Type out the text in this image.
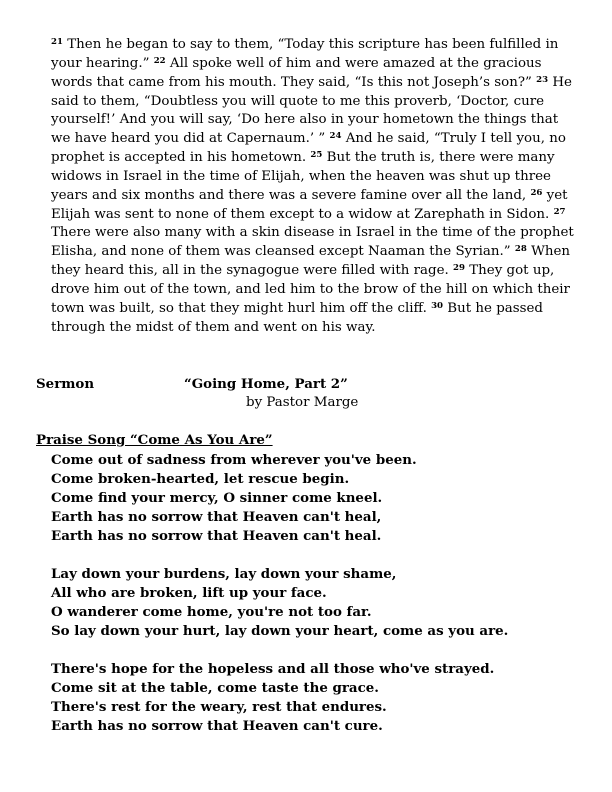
$^{21}$ Then he began to say to them, “Today this scripture has been fulfilled in your hearing.” $^{22}$ All spoke well of him and were amazed at the gracious words that came from his mouth. They said, “Is this not Joseph’s son?” $^{23}$ He said to them, “Doubtless you will quote to me this proverb, ‘Doctor, cure yourself!’ And you will say, ‘Do here also in your hometown the things that we have heard you did at Capernaum.’ ” $^{24}$ And he said, “Truly I tell you, no prophet is accepted in his hometown. $^{25}$ But the truth is, there were many widows in Israel in the time of Elijah, when the heaven was shut up three years and six months and there was a severe famine over all the land, $^{26}$ yet Elijah was sent to none of them except to a widow at Zarephath in Sidon. $^{27}$ There were also many with a skin disease in Israel in the time of the prophet Elisha, and none of them was cleansed except Naaman the Syrian.” $^{28}$ When they heard this, all in the synagogue were filled with rage. $^{29}$ They got up, drove him out of the town, and led him to the brow of the hill on which their town was built, so that they might hurl him off the cliff. $^{30}$ But he passed through the midst of them and went on his way.

Sermon	“Going Home, Part 2”

by Pastor Marge

Praise Song “Come As You Are”

Come out of sadness from wherever you've been.
Come broken-hearted, let rescue begin.
Come find your mercy, O sinner come kneel.
Earth has no sorrow that Heaven can't heal,
Earth has no sorrow that Heaven can't heal.
Lay down your burdens, lay down your shame,
All who are broken, lift up your face.
O wanderer come home, you're not too far.
So lay down your hurt, lay down your heart, come as you are.
There's hope for the hopeless and all those who've strayed.
Come sit at the table, come taste the grace.
There's rest for the weary, rest that endures.
Earth has no sorrow that Heaven can't cure.
